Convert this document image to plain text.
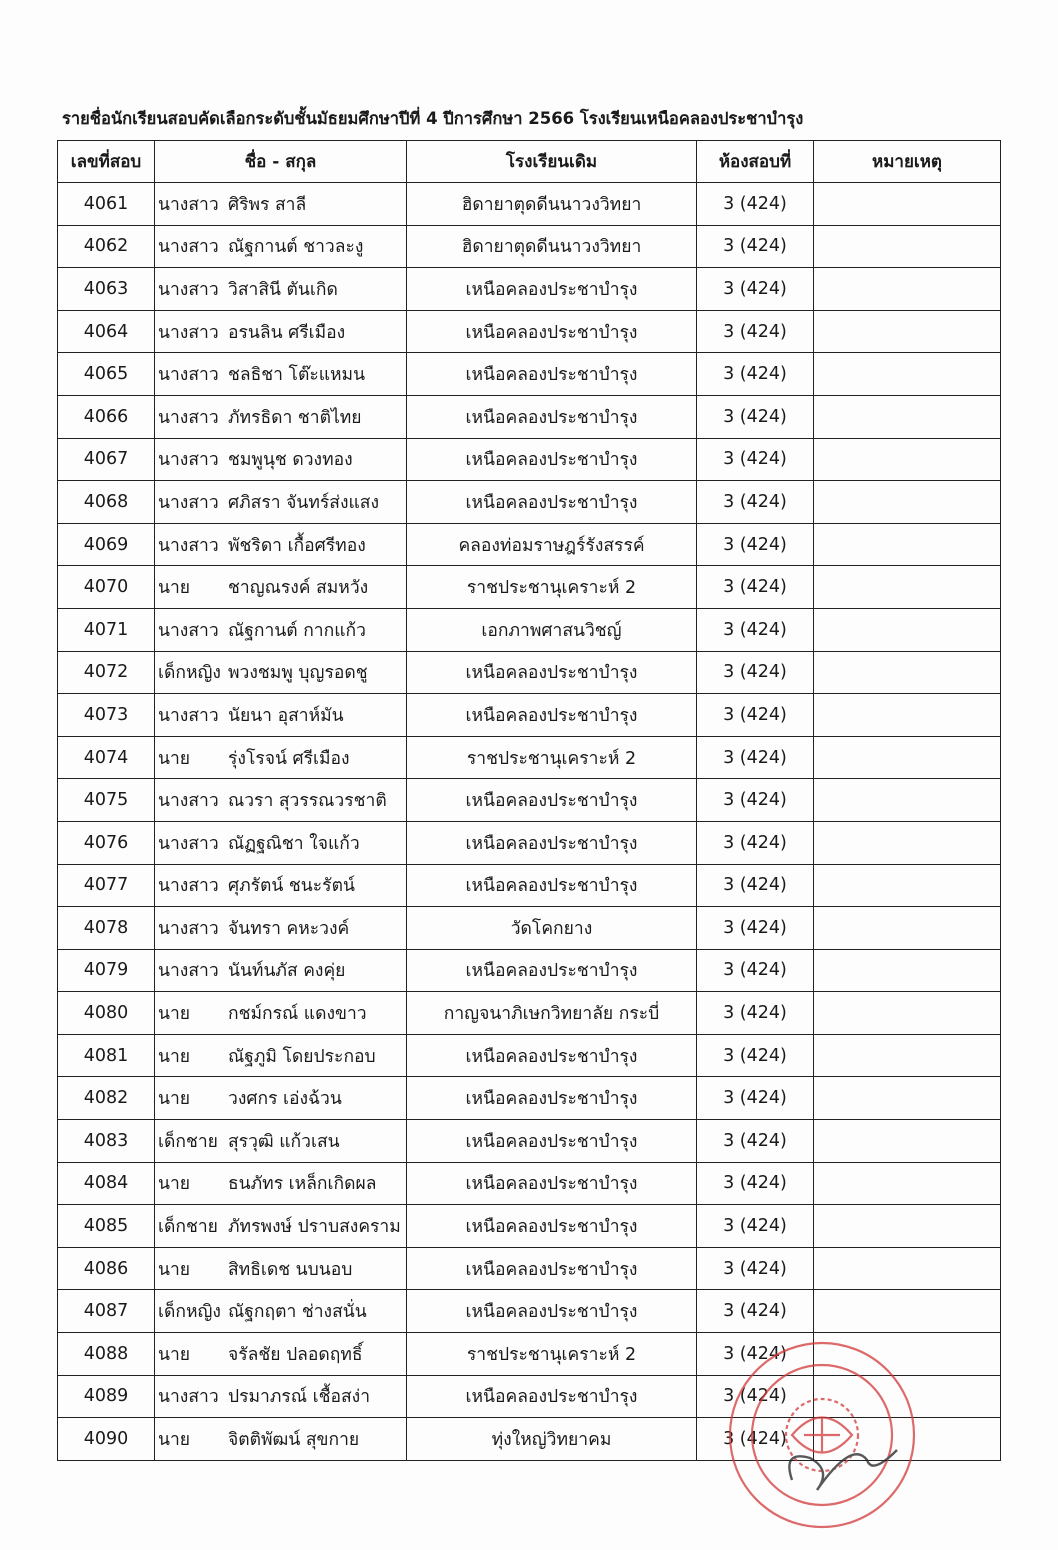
รายชื่อนักเรียนสอบคัดเลือกระดับชั้นมัธยมศึกษาปีที่ 4 ปีการศึกษา 2566 โรงเรียนเหนือคลองประชาบำรุง
เลขที่สอบ	ชื่อ - สกุล	โรงเรียนเดิม	ห้องสอบที่	หมายเหตุ
4061	นางสาว ศิริพร สาลี	ฮิดายาตุดดีนนาวงวิทยา	3 (424)	
4062	นางสาว ณัฐกานต์ ชาวละงู	ฮิดายาตุดดีนนาวงวิทยา	3 (424)	
4063	นางสาว วิสาสินี ตันเกิด	เหนือคลองประชาบำรุง	3 (424)	
4064	นางสาว อรนลิน ศรีเมือง	เหนือคลองประชาบำรุง	3 (424)	
4065	นางสาว ชลธิชา โต๊ะแหมน	เหนือคลองประชาบำรุง	3 (424)	
4066	นางสาว ภัทรธิดา ชาติไทย	เหนือคลองประชาบำรุง	3 (424)	
4067	นางสาว ชมพูนุช ดวงทอง	เหนือคลองประชาบำรุง	3 (424)	
4068	นางสาว ศภิสรา จันทร์ส่งแสง	เหนือคลองประชาบำรุง	3 (424)	
4069	นางสาว พัชริดา เกื้อศรีทอง	คลองท่อมราษฎร์รังสรรค์	3 (424)	
4070	นาย ชาญณรงค์ สมหวัง	ราชประชานุเคราะห์ 2	3 (424)	
4071	นางสาว ณัฐกานต์ กากแก้ว	เอกภาพศาสนวิชญ์	3 (424)	
4072	เด็กหญิง พวงชมพู บุญรอดชู	เหนือคลองประชาบำรุง	3 (424)	
4073	นางสาว นัยนา อุสาห์มัน	เหนือคลองประชาบำรุง	3 (424)	
4074	นาย รุ่งโรจน์ ศรีเมือง	ราชประชานุเคราะห์ 2	3 (424)	
4075	นางสาว ณวรา สุวรรณวรชาติ	เหนือคลองประชาบำรุง	3 (424)	
4076	นางสาว ณัฏฐณิชา ใจแก้ว	เหนือคลองประชาบำรุง	3 (424)	
4077	นางสาว ศุภรัตน์ ชนะรัตน์	เหนือคลองประชาบำรุง	3 (424)	
4078	นางสาว จันทรา คหะวงค์	วัดโคกยาง	3 (424)	
4079	นางสาว นันท์นภัส คงคุ่ย	เหนือคลองประชาบำรุง	3 (424)	
4080	นาย กชม์กรณ์ แดงขาว	กาญจนาภิเษกวิทยาลัย กระบี่	3 (424)	
4081	นาย ณัฐภูมิ โดยประกอบ	เหนือคลองประชาบำรุง	3 (424)	
4082	นาย วงศกร เอ่งฉ้วน	เหนือคลองประชาบำรุง	3 (424)	
4083	เด็กชาย สุรวุฒิ แก้วเสน	เหนือคลองประชาบำรุง	3 (424)	
4084	นาย ธนภัทร เหล็กเกิดผล	เหนือคลองประชาบำรุง	3 (424)	
4085	เด็กชาย ภัทรพงษ์ ปราบสงคราม	เหนือคลองประชาบำรุง	3 (424)	
4086	นาย สิทธิเดช นบนอบ	เหนือคลองประชาบำรุง	3 (424)	
4087	เด็กหญิง ณัฐกฤตา ช่างสนั่น	เหนือคลองประชาบำรุง	3 (424)	
4088	นาย จรัลชัย ปลอดฤทธิ์	ราชประชานุเคราะห์ 2	3 (424)	
4089	นางสาว ปรมาภรณ์ เชื้อสง่า	เหนือคลองประชาบำรุง	3 (424)	
4090	นาย จิตติพัฒน์ สุขกาย	ทุ่งใหญ่วิทยาคม	3 (424)	
